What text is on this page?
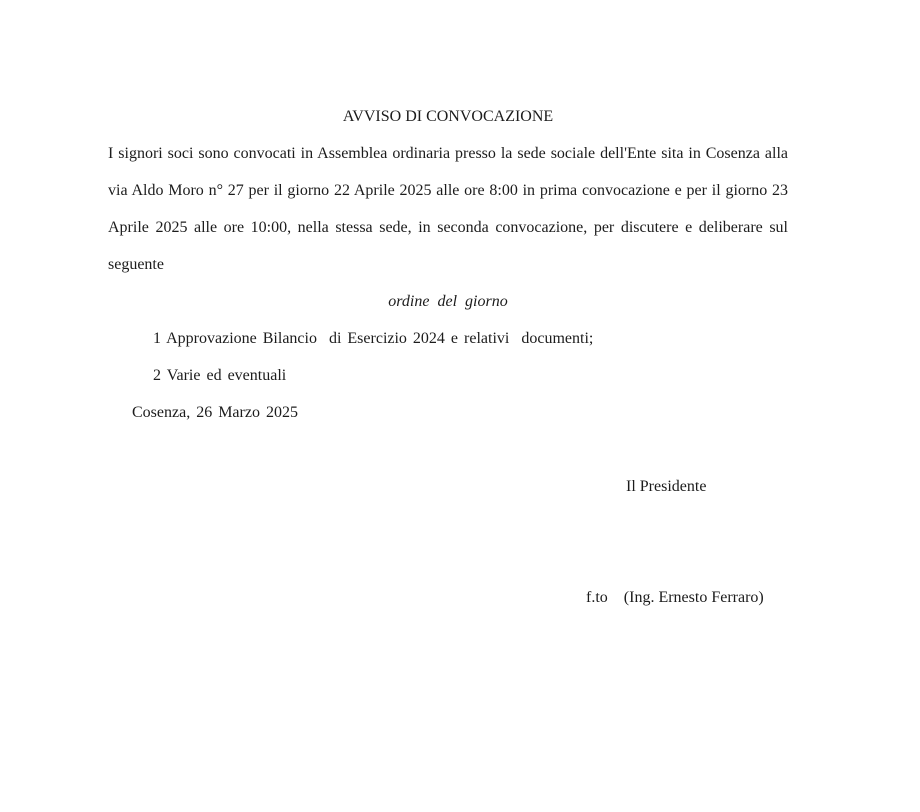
AVVISO DI CONVOCAZIONE
I signori soci sono convocati in Assemblea ordinaria presso la sede sociale dell'Ente sita in Cosenza alla
via Aldo Moro n° 27 per il giorno 22 Aprile 2025 alle ore 8:00 in prima convocazione e per il giorno 23
Aprile 2025 alle ore 10:00, nella stessa sede, in seconda convocazione, per discutere e deliberare sul
seguente
ordine del giorno
1 Approvazione Bilancio  di Esercizio 2024 e relativi  documenti;
2 Varie ed eventuali
Cosenza, 26 Marzo 2025

Il Presidente

f.to (Ing. Ernesto Ferraro)
